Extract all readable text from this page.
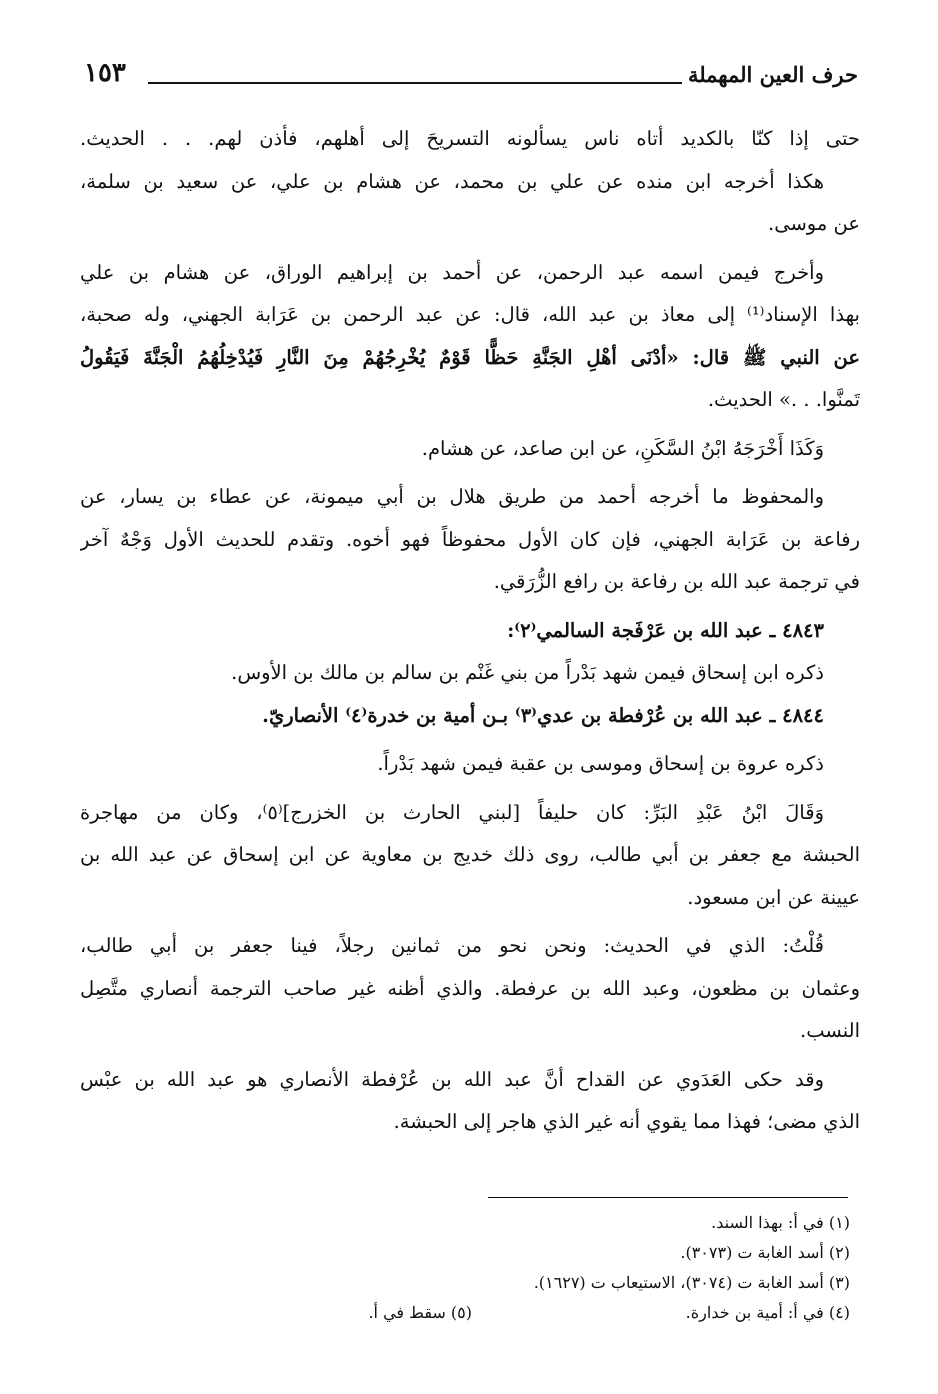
حرف العين المهملة
١٥٣
حتى إذا كنّا بالكديد أتاه ناس يسألونه التسريحَ إلى أهلهم، فأذن لهم. . . الحديث.
هكذا أخرجه ابن منده عن علي بن محمد، عن هشام بن علي، عن سعيد بن سلمة،
عن موسى.
وأخرج فيمن اسمه عبد الرحمن، عن أحمد بن إبراهيم الوراق، عن هشام بن علي
بهذا الإسناد⁽¹⁾ إلى معاذ بن عبد الله، قال: عن عبد الرحمن بن عَرَابة الجهني، وله صحبة،
عن النبي ﷺ قال: «أدْنَى أهْلِ الجَنَّةِ حَظًّا قَوْمٌ يُخْرِجُهُمْ مِنَ النَّارِ فَيُدْخِلُهُمُ الْجَنَّةَ فَيَقُولُ
تَمنَّوا. . .» الحديث.
وَكَذَا أَخْرَجَهُ ابْنُ السَّكَنِ، عن ابن صاعد، عن هشام.
والمحفوظ ما أخرجه أحمد من طريق هلال بن أبي ميمونة، عن عطاء بن يسار، عن
رفاعة بن عَرَابة الجهني، فإن كان الأول محفوظاً فهو أخوه. وتقدم للحديث الأول وَجْهٌ آخر
في ترجمة عبد الله بن رفاعة بن رافع الزُّرَقي.
٤٨٤٣ ـ عبد الله بن عَرْفَجة السالمي⁽٢⁾:
ذكره ابن إسحاق فيمن شهد بَدْراً من بني غَنْم بن سالم بن مالك بن الأوس.
٤٨٤٤ ـ عبد الله بن عُرْفطة بن عدي⁽٣⁾ بـن أمية بن خدرة⁽٤⁾ الأنصاريّ.
ذكره عروة بن إسحاق وموسى بن عقبة فيمن شهد بَدْراً.
وَقَالَ ابْنُ عَبْدِ البَرِّ: كان حليفاً [لبني الحارث بن الخزرج]⁽٥⁾، وكان من مهاجرة
الحبشة مع جعفر بن أبي طالب، روى ذلك خديج بن معاوية عن ابن إسحاق عن عبد الله بن
عيينة عن ابن مسعود.
قُلْتُ: الذي في الحديث: ونحن نحو من ثمانين رجلاً، فينا جعفر بن أبي طالب،
وعثمان بن مظعون، وعبد الله بن عرفطة. والذي أظنه غير صاحب الترجمة أنصاري متَّصِل
النسب.
وقد حكى العَدَوي عن القداح أنَّ عبد الله بن عُرْفطة الأنصاري هو عبد الله بن عبْس
الذي مضى؛ فهذا مما يقوي أنه غير الذي هاجر إلى الحبشة.
(١) في أ: بهذا السند.
(٢) أسد الغابة ت (٣٠٧٣).
(٣) أسد الغابة ت (٣٠٧٤)، الاستيعاب ت (١٦٢٧).
(٤) في أ: أمية بن خدارة.
(٥) سقط في أ.
